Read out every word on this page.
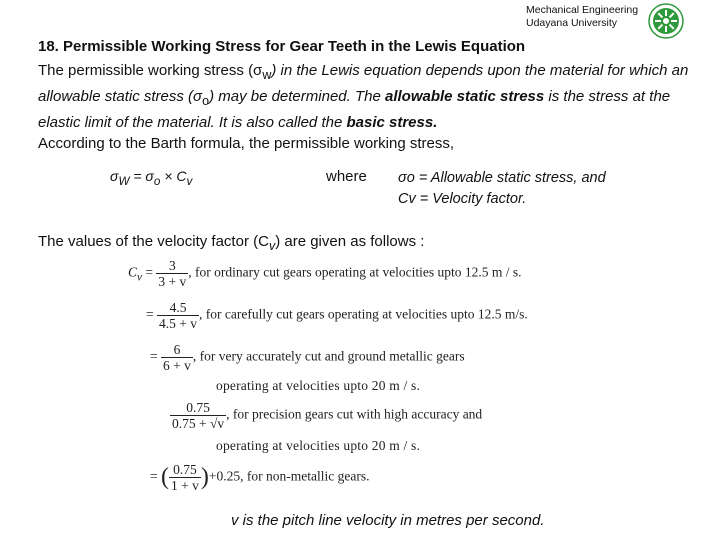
Mechanical Engineering
Udayana University
18. Permissible Working Stress for Gear Teeth in the Lewis Equation
The permissible working stress $(\sigma_w)$ in the Lewis equation depends upon the material for which an allowable static stress $(\sigma_o)$ may be determined. The allowable static stress is the stress at the elastic limit of the material. It is also called the basic stress.
According to the Barth formula, the permissible working stress,
$\sigma_W = \sigma_o \times C_v$	where σo = Allowable static stress, and
Cv = Velocity factor.
The values of the velocity factor $(C_v)$ are given as follows :
$C_v = \frac{3}{3 + v}$ , for ordinary cut gears operating at velocities upto 12.5 m / s.
= $\frac{4.5}{4.5 + v}$ , for carefully cut gears operating at velocities upto 12.5 m/s.
= $\frac{6}{6 + v}$ , for very accurately cut and ground metallic gears
operating at velocities upto 20 m / s.
$\frac{0.75}{0.75 + √v}$ , for precision gears cut with high accuracy and
operating at velocities upto 20 m / s.
= ( $\frac{0.75}{1 + v} )+0.25$, for non-metallic gears.
v is the pitch line velocity in metres per second.
